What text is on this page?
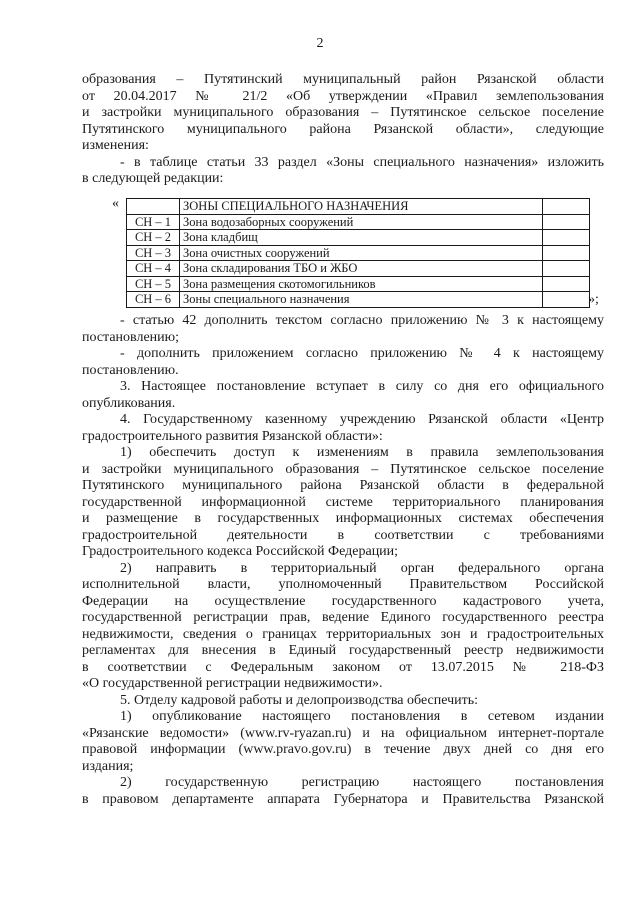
2
образования – Путятинский муниципальный район Рязанской области
от 20.04.2017 № 21/2 «Об утверждении «Правил землепользования
и застройки муниципального образования – Путятинское сельское поселение
Путятинского муниципального района Рязанской области», следующие
изменения:
- в таблице статьи 33 раздел «Зоны специального назначения» изложить
в следующей редакции:
«
		ЗОНЫ СПЕЦИАЛЬНОГО НАЗНАЧЕНИЯ	
СН – 1	Зона водозаборных сооружений	
СН – 2	Зона кладбищ	
СН – 3	Зона очистных сооружений	
СН – 4	Зона складирования ТБО и ЖБО	
СН – 5	Зона размещения скотомогильников	
СН – 6	Зоны специального назначения		»;
- статью 42 дополнить текстом согласно приложению № 3 к настоящему
постановлению;
- дополнить приложением согласно приложению № 4 к настоящему
постановлению.
3. Настоящее постановление вступает в силу со дня его официального
опубликования.
4. Государственному казенному учреждению Рязанской области «Центр
градостроительного развития Рязанской области»:
1) обеспечить доступ к изменениям в правила землепользования
и застройки муниципального образования – Путятинское сельское поселение
Путятинского муниципального района Рязанской области в федеральной
государственной информационной системе территориального планирования
и размещение в государственных информационных системах обеспечения
градостроительной деятельности в соответствии с требованиями
Градостроительного кодекса Российской Федерации;
2) направить в территориальный орган федерального органа
исполнительной власти, уполномоченный Правительством Российской
Федерации на осуществление государственного кадастрового учета,
государственной регистрации прав, ведение Единого государственного реестра
недвижимости, сведения о границах территориальных зон и градостроительных
регламентах для внесения в Единый государственный реестр недвижимости
в соответствии с Федеральным законом от 13.07.2015 № 218-ФЗ
«О государственной регистрации недвижимости».
5. Отделу кадровой работы и делопроизводства обеспечить:
1) опубликование настоящего постановления в сетевом издании
«Рязанские ведомости» (www.rv-ryazan.ru) и на официальном интернет-портале
правовой информации (www.pravo.gov.ru) в течение двух дней со дня его
издания;
2) государственную регистрацию настоящего постановления
в правовом департаменте аппарата Губернатора и Правительства Рязанской
